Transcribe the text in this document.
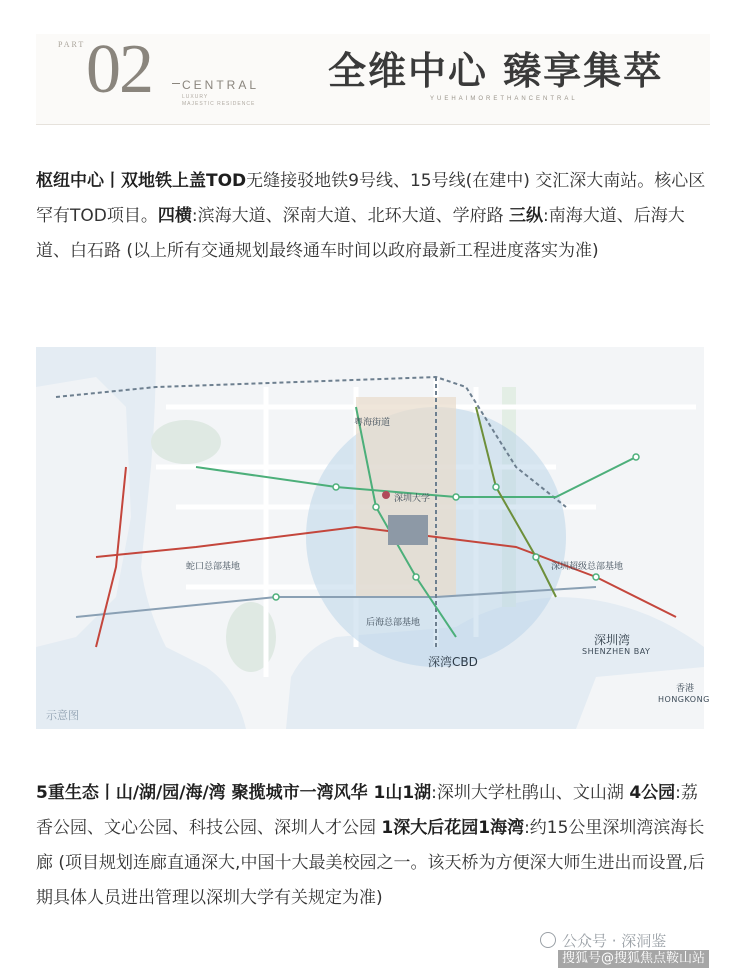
PART 02	CENTRAL
LUXURY
MAJESTIC RESIDENCE
全维中心 臻享集萃
YUEHAIMORETHANCENTRAL
枢纽中心丨双地铁上盖TOD无缝接驳地铁9号线、15号线(在建中) 交汇深大南站。核心区罕有TOD项目。四横:滨海大道、深南大道、北环大道、学府路 三纵:南海大道、后海大道、白石路 (以上所有交通规划最终通车时间以政府最新工程进度落实为准)
粤海街道
深圳大学
后海总部基地
蛇口总部基地	深圳超级总部基地
深湾CBD
深圳湾
SHENZHEN BAY
香港
HONGKONG
示意图
5重生态丨山/湖/园/海/湾 聚揽城市一湾风华 1山1湖:深圳大学杜鹃山、文山湖 4公园:荔香公园、文心公园、科技公园、深圳人才公园 1深大后花园1海湾:约15公里深圳湾滨海长廊 (项目规划连廊直通深大,中国十大最美校园之一。该天桥为方便深大师生进出而设置,后期具体人员进出管理以深圳大学有关规定为准)
公众号 · 深洞鉴
搜狐号@搜狐焦点鞍山站
